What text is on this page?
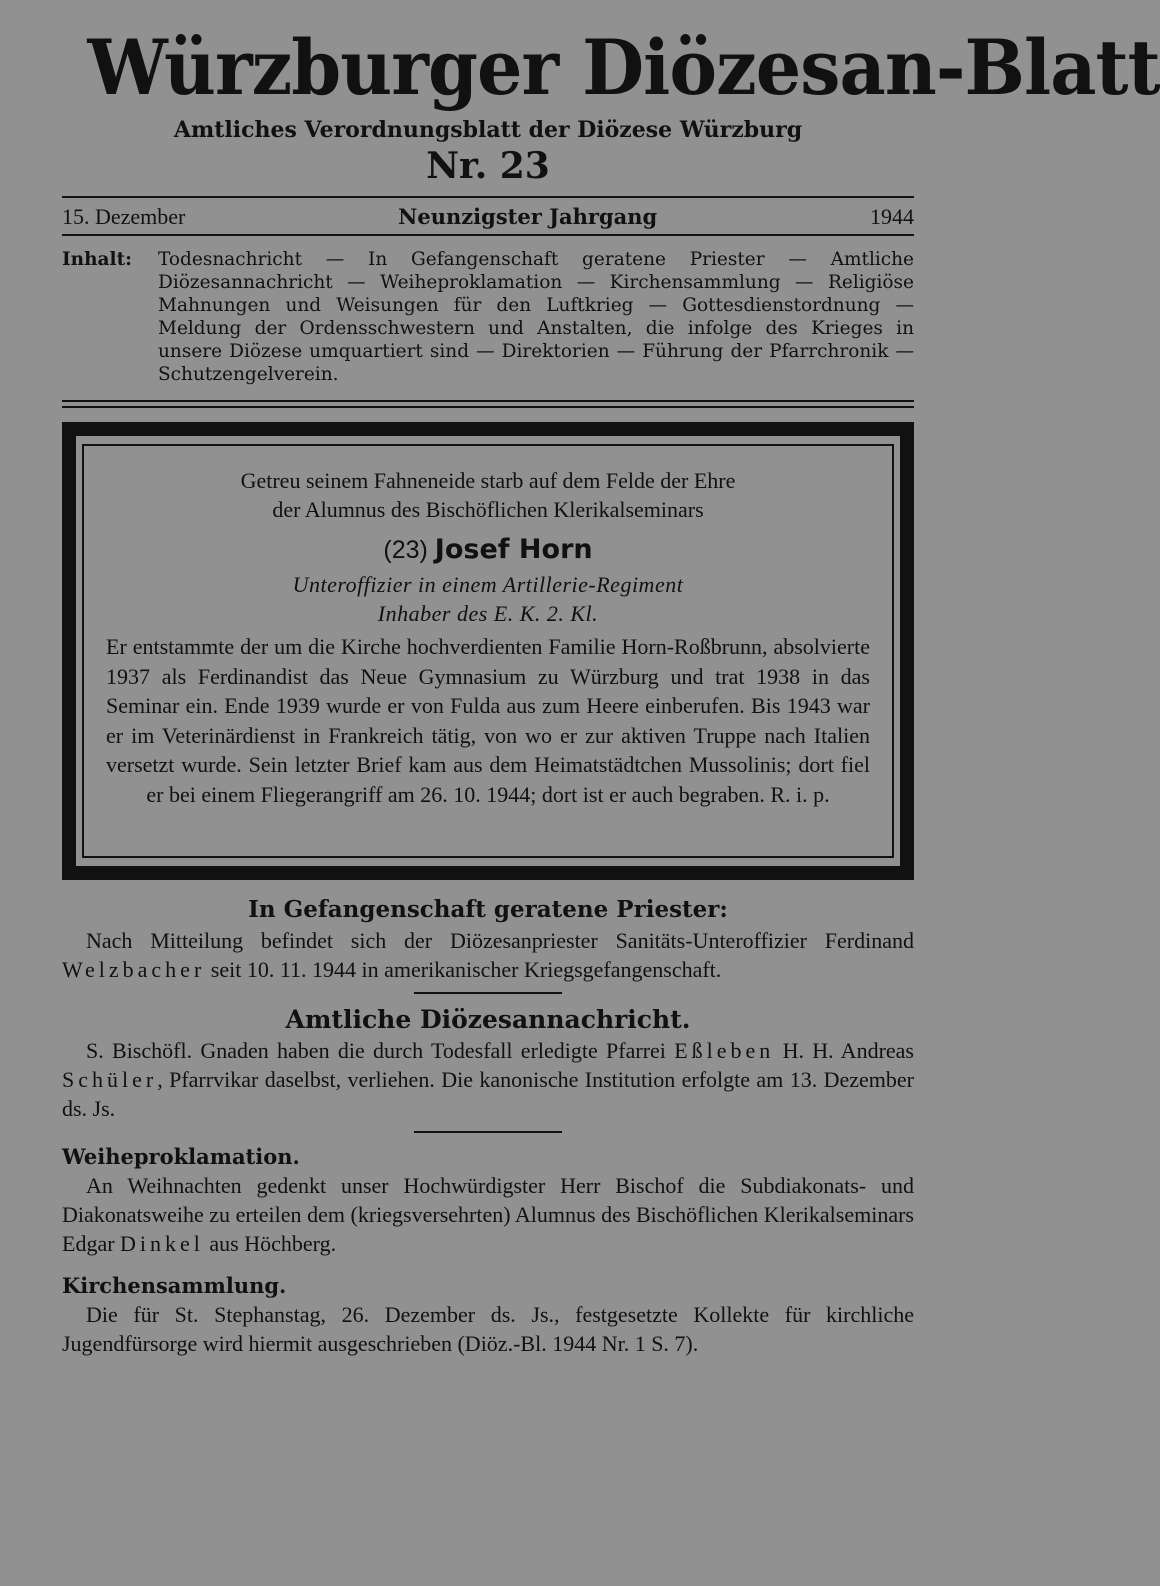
Würzburger Diözesan-Blatt
Amtliches Verordnungsblatt der Diözese Würzburg
Nr. 23
15. Dezember	Neunzigster Jahrgang	1944
Inhalt:	Todesnachricht — In Gefangenschaft geratene Priester — Amtliche Diözesannachricht — Weiheproklamation — Kirchensammlung — Religiöse Mahnungen und Weisungen für den Luftkrieg — Gottesdienstordnung — Meldung der Ordensschwestern und Anstalten, die infolge des Krieges in unsere Diözese umquartiert sind — Direktorien — Führung der Pfarrchronik — Schutzengelverein.
Getreu seinem Fahneneide starb auf dem Felde der Ehre
der Alumnus des Bischöflichen Klerikalseminars
(23) Josef Horn
Unteroffizier in einem Artillerie-Regiment
Inhaber des E. K. 2. Kl.
Er entstammte der um die Kirche hochverdienten Familie Horn-Roßbrunn, absolvierte 1937 als Ferdinandist das Neue Gymnasium zu Würzburg und trat 1938 in das Seminar ein. Ende 1939 wurde er von Fulda aus zum Heere einberufen. Bis 1943 war er im Veterinärdienst in Frankreich tätig, von wo er zur aktiven Truppe nach Italien versetzt wurde. Sein letzter Brief kam aus dem Heimatstädtchen Mussolinis; dort fiel er bei einem Fliegerangriff am 26. 10. 1944; dort ist er auch begraben. R. i. p.
In Gefangenschaft geratene Priester:
Nach Mitteilung befindet sich der Diözesanpriester Sanitäts-Unteroffizier Ferdinand Welzbacher seit 10. 11. 1944 in amerikanischer Kriegsgefangenschaft.
Amtliche Diözesannachricht.
S. Bischöfl. Gnaden haben die durch Todesfall erledigte Pfarrei Eßleben H. H. Andreas Schüler, Pfarrvikar daselbst, verliehen. Die kanonische Institution erfolgte am 13. Dezember ds. Js.
Weiheproklamation.
An Weihnachten gedenkt unser Hochwürdigster Herr Bischof die Subdiakonats- und Diakonatsweihe zu erteilen dem (kriegsversehrten) Alumnus des Bischöflichen Klerikalseminars Edgar Dinkel aus Höchberg.
Kirchensammlung.
Die für St. Stephanstag, 26. Dezember ds. Js., festgesetzte Kollekte für kirchliche Jugendfürsorge wird hiermit ausgeschrieben (Diöz.-Bl. 1944 Nr. 1 S. 7).
